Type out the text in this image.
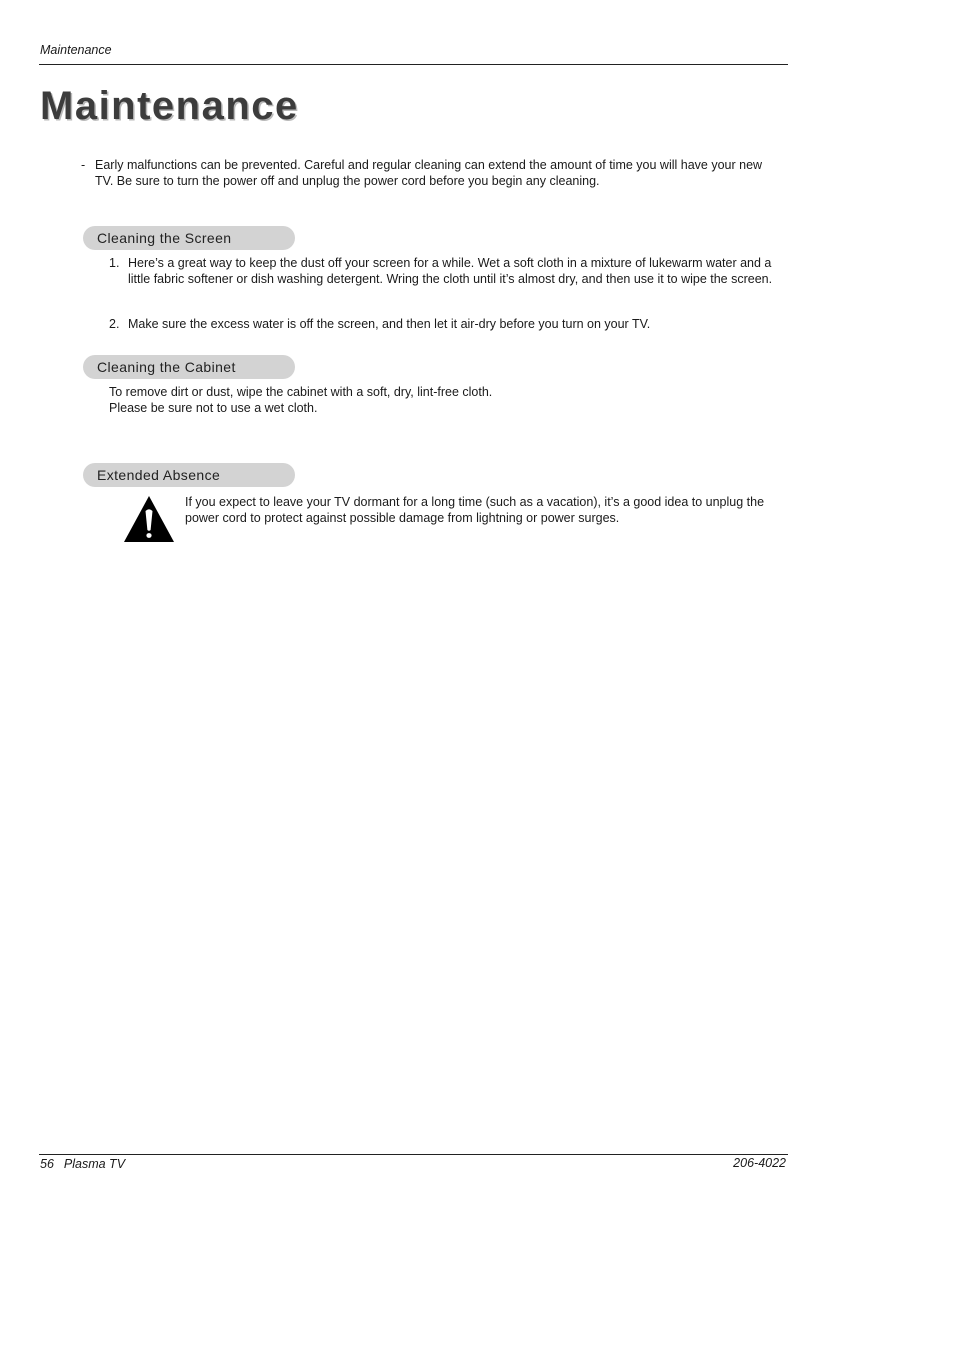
Maintenance
Maintenance
- Early malfunctions can be prevented. Careful and regular cleaning can extend the amount of time you will have your new TV. Be sure to turn the power off and unplug the power cord before you begin any cleaning.
Cleaning the Screen
1. Here’s a great way to keep the dust off your screen for a while. Wet a soft cloth in a mixture of lukewarm water and a little fabric softener or dish washing detergent. Wring the cloth until it’s almost dry, and then use it to wipe the screen.
2. Make sure the excess water is off the screen, and then let it air-dry before you turn on your TV.
Cleaning the Cabinet
To remove dirt or dust, wipe the cabinet with a soft, dry, lint-free cloth.
Please be sure not to use a wet cloth.
Extended Absence
If you expect to leave your TV dormant for a long time (such as a vacation), it’s a good idea to unplug the power cord to protect against possible damage from lightning or power surges.
56 Plasma TV	206-4022
